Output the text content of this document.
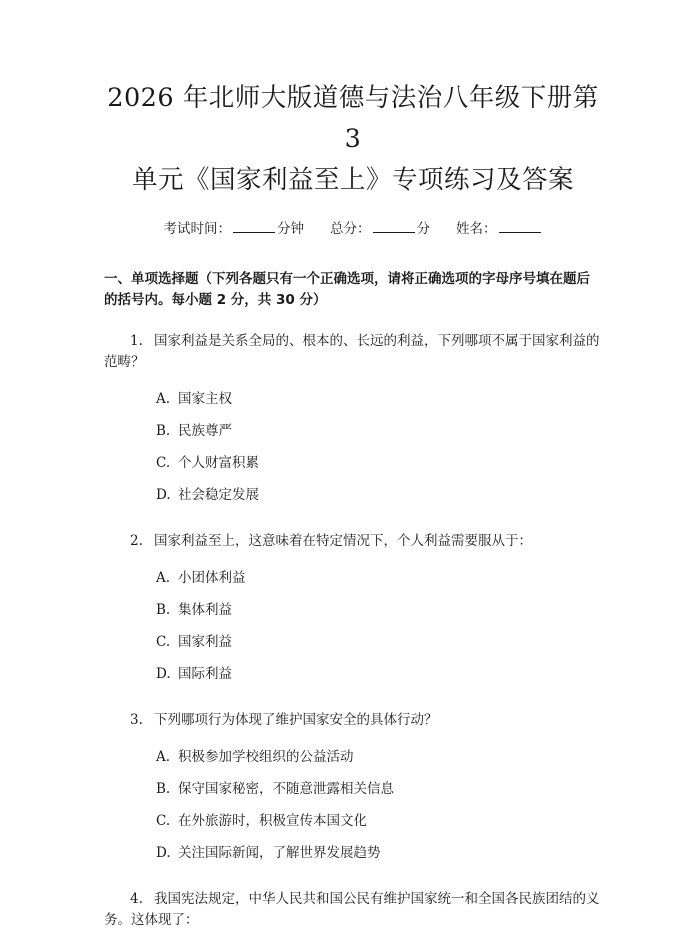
2026 年北师大版道德与法治八年级下册第 3
单元《国家利益至上》专项练习及答案
考试时间：	分钟 总分：	分 姓名：
一、单项选择题（下列各题只有一个正确选项，请将正确选项的字母序号填在题后的括号内。每小题 2 分，共 30 分）
1. 国家利益是关系全局的、根本的、长远的利益，下列哪项不属于国家利益的范畴？
A. 国家主权
B. 民族尊严
C. 个人财富积累
D. 社会稳定发展
2. 国家利益至上，这意味着在特定情况下，个人利益需要服从于：
A. 小团体利益
B. 集体利益
C. 国家利益
D. 国际利益
3. 下列哪项行为体现了维护国家安全的具体行动？
A. 积极参加学校组织的公益活动
B. 保守国家秘密，不随意泄露相关信息
C. 在外旅游时，积极宣传本国文化
D. 关注国际新闻，了解世界发展趋势
4. 我国宪法规定，中华人民共和国公民有维护国家统一和全国各民族团结的义务。这体现了：
